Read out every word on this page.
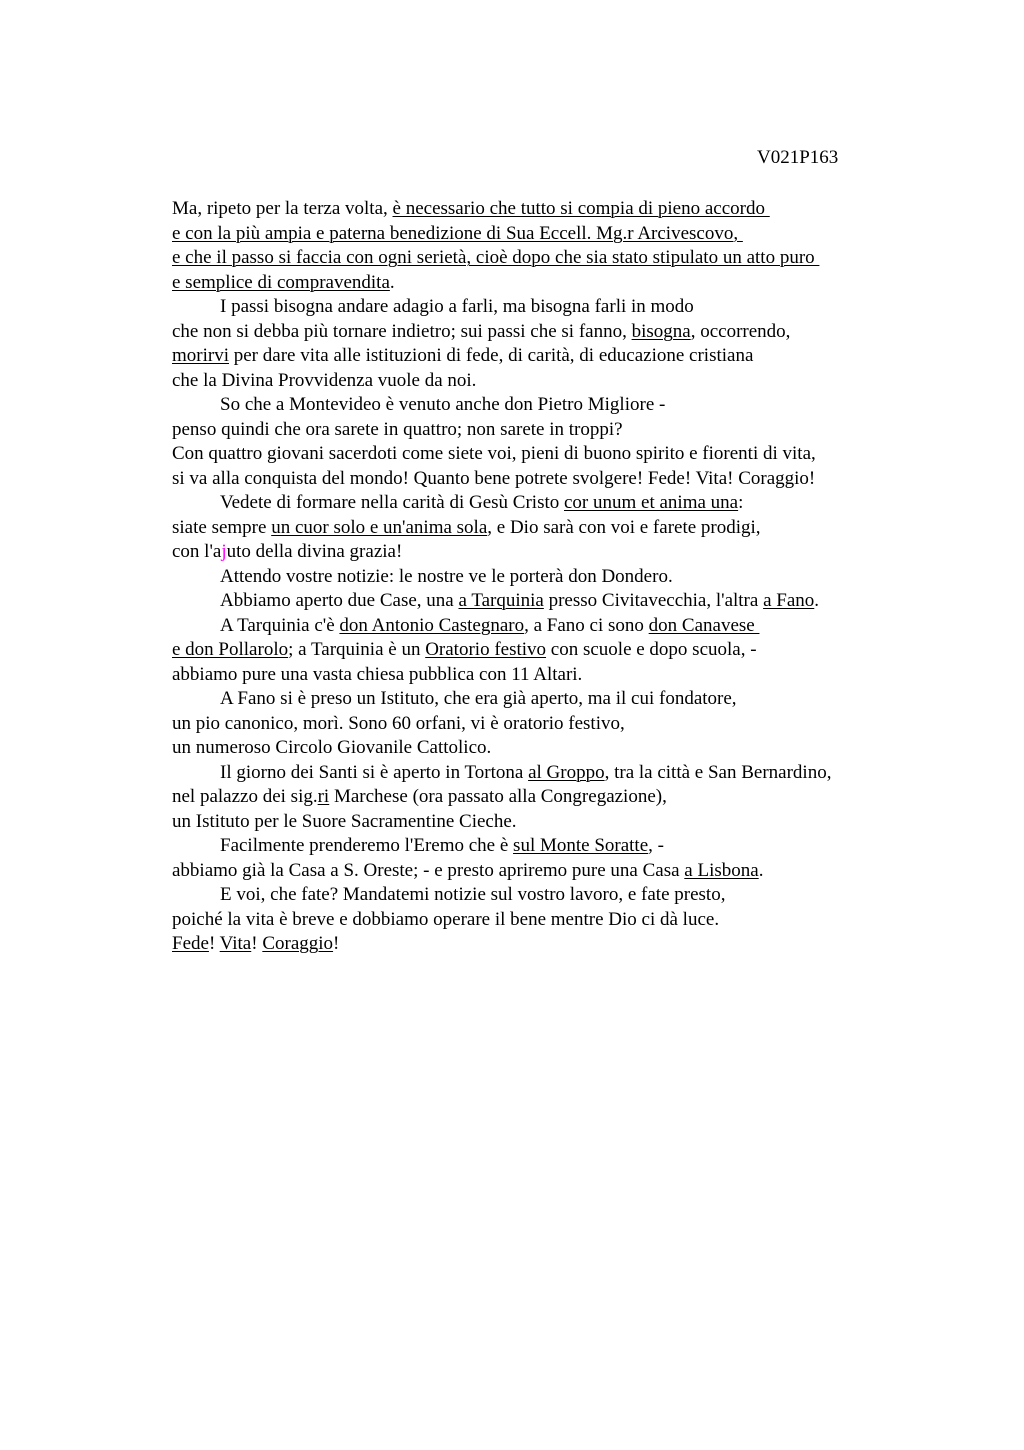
V021P163
Ma, ripeto per la terza volta, è necessario che tutto si compia di pieno accordo
e con la più ampia e paterna benedizione di Sua Eccell. Mg.r Arcivescovo,
e che il passo si faccia con ogni serietà, cioè dopo che sia stato stipulato un atto puro
e semplice di compravendita.
I passi bisogna andare adagio a farli, ma bisogna farli in modo
che non si debba più tornare indietro; sui passi che si fanno, bisogna, occorrendo,
morirvi per dare vita alle istituzioni di fede, di carità, di educazione cristiana
che la Divina Provvidenza vuole da noi.
So che a Montevideo è venuto anche don Pietro Migliore -
penso quindi che ora sarete in quattro; non sarete in troppi?
Con quattro giovani sacerdoti come siete voi, pieni di buono spirito e fiorenti di vita,
si va alla conquista del mondo! Quanto bene potrete svolgere! Fede! Vita! Coraggio!
Vedete di formare nella carità di Gesù Cristo cor unum et anima una:
siate sempre un cuor solo e un'anima sola, e Dio sarà con voi e farete prodigi,
con l'ajuto della divina grazia!
Attendo vostre notizie: le nostre ve le porterà don Dondero.
Abbiamo aperto due Case, una a Tarquinia presso Civitavecchia, l'altra a Fano.
A Tarquinia c'è don Antonio Castegnaro, a Fano ci sono don Canavese
e don Pollarolo; a Tarquinia è un Oratorio festivo con scuole e dopo scuola, -
abbiamo pure una vasta chiesa pubblica con 11 Altari.
A Fano si è preso un Istituto, che era già aperto, ma il cui fondatore,
un pio canonico, morì. Sono 60 orfani, vi è oratorio festivo,
un numeroso Circolo Giovanile Cattolico.
Il giorno dei Santi si è aperto in Tortona al Groppo, tra la città e San Bernardino,
nel palazzo dei sig.ri Marchese (ora passato alla Congregazione),
un Istituto per le Suore Sacramentine Cieche.
Facilmente prenderemo l'Eremo che è sul Monte Soratte, -
abbiamo già la Casa a S. Oreste; - e presto apriremo pure una Casa a Lisbona.
E voi, che fate? Mandatemi notizie sul vostro lavoro, e fate presto,
poiché la vita è breve e dobbiamo operare il bene mentre Dio ci dà luce.
Fede! Vita! Coraggio!
